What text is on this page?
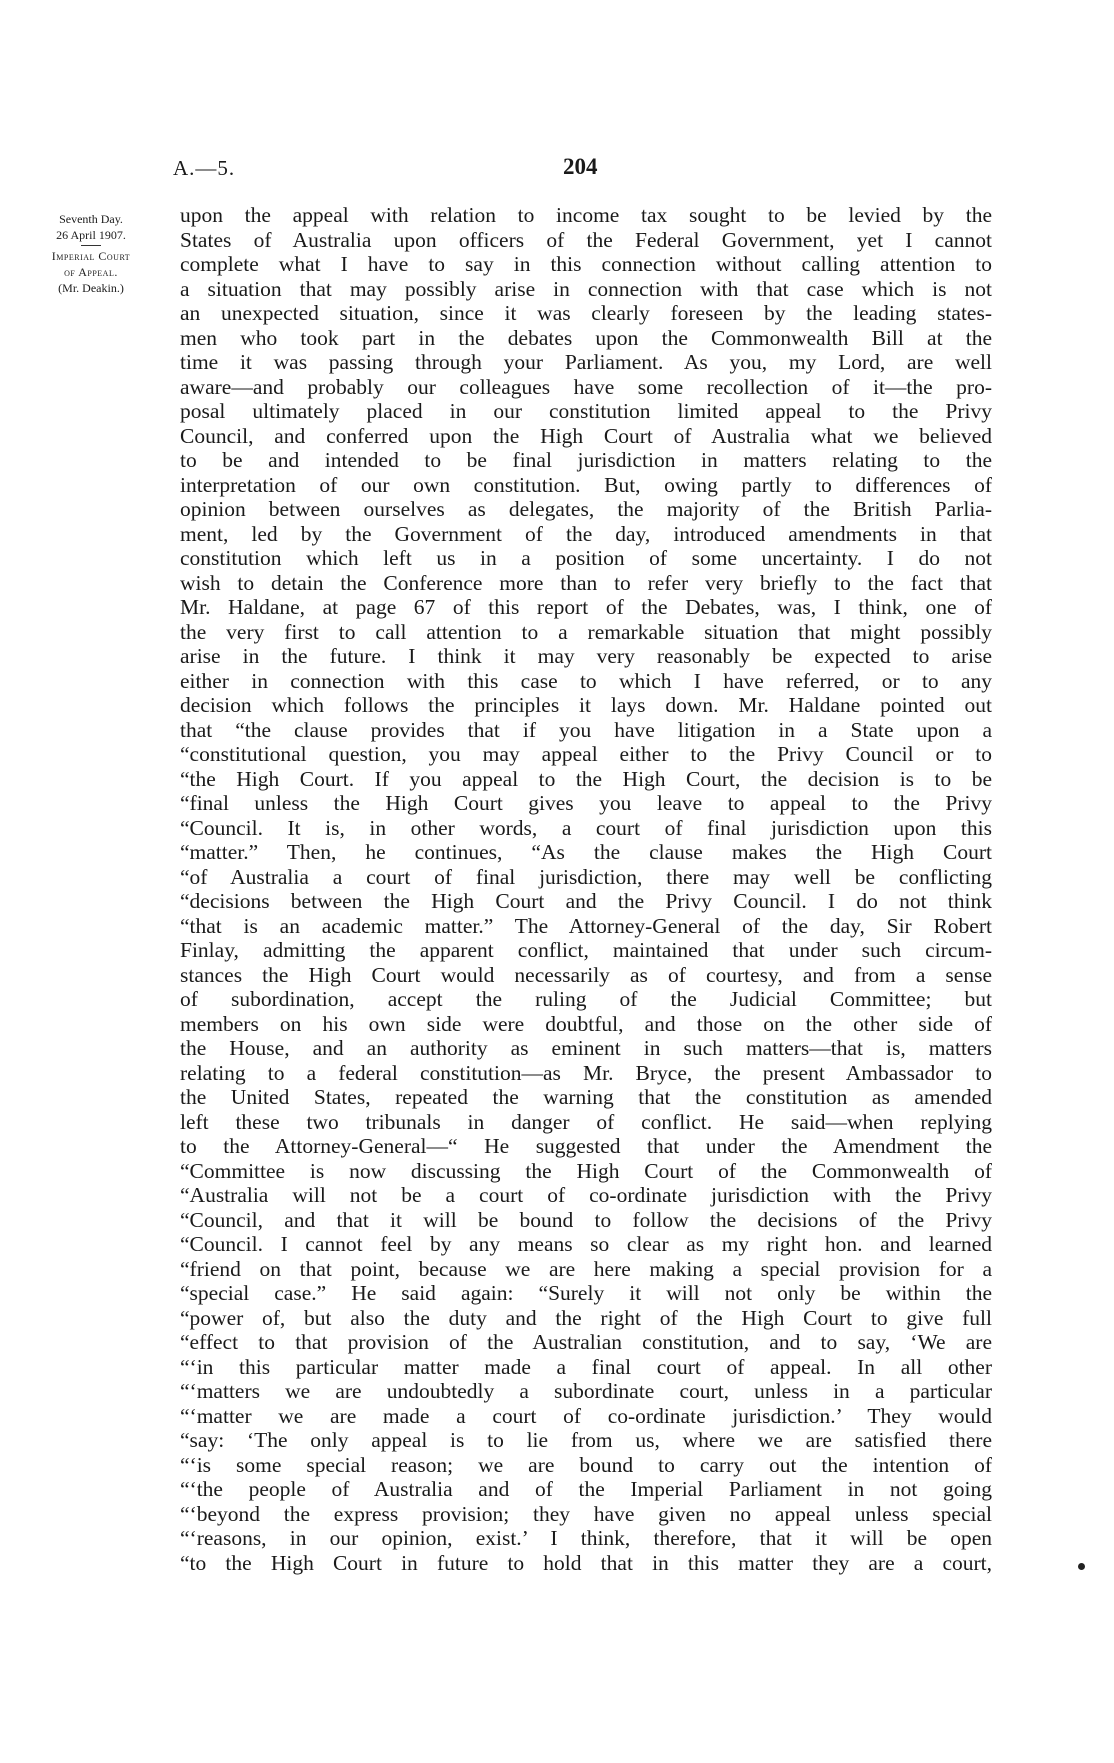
A.—5.	204
Seventh Day.
26 April 1907.
Imperial Court
of Appeal.
(Mr. Deakin.)
upon the appeal with relation to income tax sought to be levied by the
States of Australia upon officers of the Federal Government, yet I cannot
complete what I have to say in this connection without calling attention to
a situation that may possibly arise in connection with that case which is not
an unexpected situation, since it was clearly foreseen by the leading states-
men who took part in the debates upon the Commonwealth Bill at the
time it was passing through your Parliament. As you, my Lord, are well
aware—and probably our colleagues have some recollection of it—the pro-
posal ultimately placed in our constitution limited appeal to the Privy
Council, and conferred upon the High Court of Australia what we believed
to be and intended to be final jurisdiction in matters relating to the
interpretation of our own constitution. But, owing partly to differences of
opinion between ourselves as delegates, the majority of the British Parlia-
ment, led by the Government of the day, introduced amendments in that
constitution which left us in a position of some uncertainty. I do not
wish to detain the Conference more than to refer very briefly to the fact that
Mr. Haldane, at page 67 of this report of the Debates, was, I think, one of
the very first to call attention to a remarkable situation that might possibly
arise in the future. I think it may very reasonably be expected to arise
either in connection with this case to which I have referred, or to any
decision which follows the principles it lays down. Mr. Haldane pointed out
that “the clause provides that if you have litigation in a State upon a
“constitutional question, you may appeal either to the Privy Council or to
“the High Court. If you appeal to the High Court, the decision is to be
“final unless the High Court gives you leave to appeal to the Privy
“Council. It is, in other words, a court of final jurisdiction upon this
“matter.” Then, he continues, “As the clause makes the High Court
“of Australia a court of final jurisdiction, there may well be conflicting
“decisions between the High Court and the Privy Council. I do not think
“that is an academic matter.” The Attorney-General of the day, Sir Robert
Finlay, admitting the apparent conflict, maintained that under such circum-
stances the High Court would necessarily as of courtesy, and from a sense
of subordination, accept the ruling of the Judicial Committee; but
members on his own side were doubtful, and those on the other side of
the House, and an authority as eminent in such matters—that is, matters
relating to a federal constitution—as Mr. Bryce, the present Ambassador to
the United States, repeated the warning that the constitution as amended
left these two tribunals in danger of conflict. He said—when replying
to the Attorney-General—“ He suggested that under the Amendment the
“Committee is now discussing the High Court of the Commonwealth of
“Australia will not be a court of co-ordinate jurisdiction with the Privy
“Council, and that it will be bound to follow the decisions of the Privy
“Council. I cannot feel by any means so clear as my right hon. and learned
“friend on that point, because we are here making a special provision for a
“special case.” He said again: “Surely it will not only be within the
“power of, but also the duty and the right of the High Court to give full
“effect to that provision of the Australian constitution, and to say, ‘We are
“‘in this particular matter made a final court of appeal. In all other
“‘matters we are undoubtedly a subordinate court, unless in a particular
“‘matter we are made a court of co-ordinate jurisdiction.’ They would
“say: ‘The only appeal is to lie from us, where we are satisfied there
“‘is some special reason; we are bound to carry out the intention of
“‘the people of Australia and of the Imperial Parliament in not going
“‘beyond the express provision; they have given no appeal unless special
“‘reasons, in our opinion, exist.’ I think, therefore, that it will be open
“to the High Court in future to hold that in this matter they are a court,
